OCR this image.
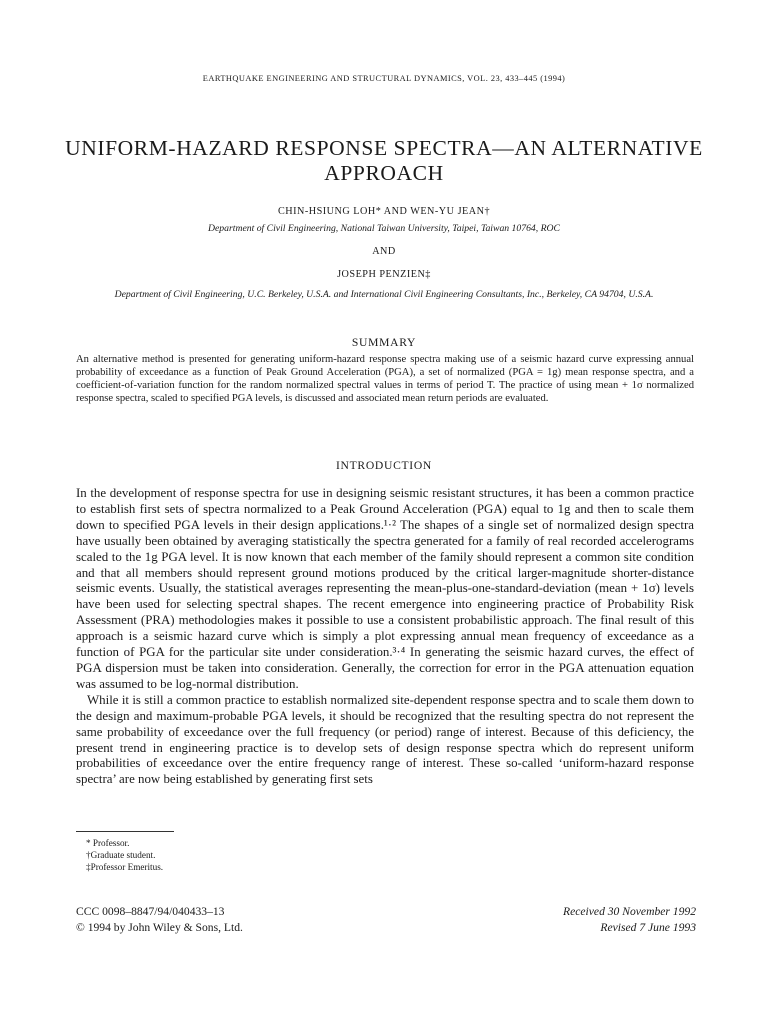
EARTHQUAKE ENGINEERING AND STRUCTURAL DYNAMICS, VOL. 23, 433–445 (1994)
UNIFORM-HAZARD RESPONSE SPECTRA—AN ALTERNATIVE APPROACH
CHIN-HSIUNG LOH* AND WEN-YU JEAN†
Department of Civil Engineering, National Taiwan University, Taipei, Taiwan 10764, ROC
AND
JOSEPH PENZIEN‡
Department of Civil Engineering, U.C. Berkeley, U.S.A. and International Civil Engineering Consultants, Inc., Berkeley, CA 94704, U.S.A.
SUMMARY
An alternative method is presented for generating uniform-hazard response spectra making use of a seismic hazard curve expressing annual probability of exceedance as a function of Peak Ground Acceleration (PGA), a set of normalized (PGA = 1g) mean response spectra, and a coefficient-of-variation function for the random normalized spectral values in terms of period T. The practice of using mean + 1σ normalized response spectra, scaled to specified PGA levels, is discussed and associated mean return periods are evaluated.
INTRODUCTION

In the development of response spectra for use in designing seismic resistant structures, it has been a common practice to establish first sets of spectra normalized to a Peak Ground Acceleration (PGA) equal to 1g and then to scale them down to specified PGA levels in their design applications.¹·² The shapes of a single set of normalized design spectra have usually been obtained by averaging statistically the spectra generated for a family of real recorded accelerograms scaled to the 1g PGA level. It is now known that each member of the family should represent a common site condition and that all members should represent ground motions produced by the critical larger-magnitude shorter-distance seismic events. Usually, the statistical averages representing the mean-plus-one-standard-deviation (mean + 1σ) levels have been used for selecting spectral shapes. The recent emergence into engineering practice of Probability Risk Assessment (PRA) methodologies makes it possible to use a consistent probabilistic approach. The final result of this approach is a seismic hazard curve which is simply a plot expressing annual mean frequency of exceedance as a function of PGA for the particular site under consideration.³·⁴ In generating the seismic hazard curves, the effect of PGA dispersion must be taken into consideration. Generally, the correction for error in the PGA attenuation equation was assumed to be log-normal distribution.

While it is still a common practice to establish normalized site-dependent response spectra and to scale them down to the design and maximum-probable PGA levels, it should be recognized that the resulting spectra do not represent the same probability of exceedance over the full frequency (or period) range of interest. Because of this deficiency, the present trend in engineering practice is to develop sets of design response spectra which do represent uniform probabilities of exceedance over the entire frequency range of interest. These so-called ‘uniform-hazard response spectra’ are now being established by generating first sets

* Professor.
†Graduate student.
‡Professor Emeritus.
CCC 0098–8847/94/040433–13
© 1994 by John Wiley & Sons, Ltd.
Received 30 November 1992
Revised 7 June 1993
